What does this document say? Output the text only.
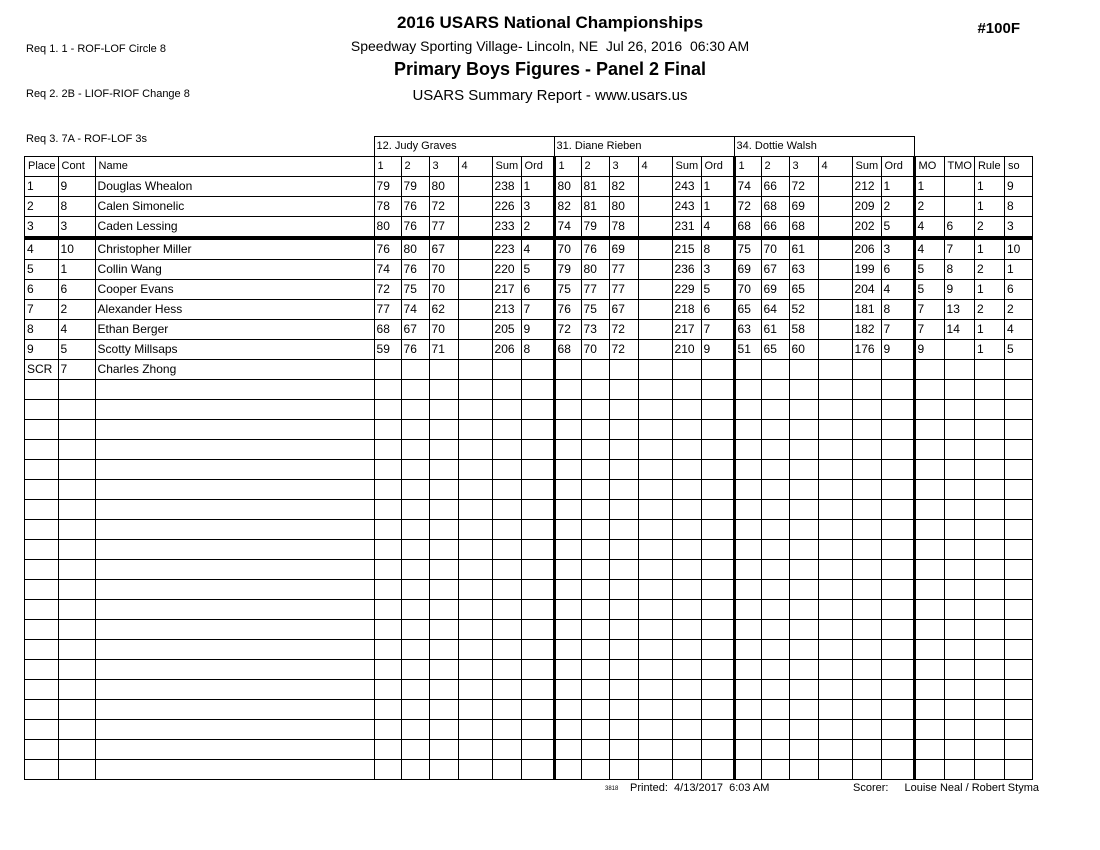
Req 1. 1 - ROF-LOF Circle 8

Req 2. 2B - LIOF-RIOF Change 8

Req 3. 7A - ROF-LOF 3s

2016 USARS National Championships
Speedway Sporting Village- Lincoln, NE  Jul 26, 2016  06:30 AM
Primary Boys Figures - Panel 2 Final
USARS Summary Report - www.usars.us
#100F
			12. Judy Graves						31. Diane Rieben						34. Dottie Walsh									
Place	Cont	Name	1	2	3	4	Sum	Ord	1	2	3	4	Sum	Ord	1	2	3	4	Sum	Ord	MO	TMO	Rule	so
1	9	Douglas Whealon	79	79	80		238	1	80	81	82		243	1	74	66	72		212	1	1		1	9
2	8	Calen Simonelic	78	76	72		226	3	82	81	80		243	1	72	68	69		209	2	2		1	8
3	3	Caden Lessing	80	76	77		233	2	74	79	78		231	4	68	66	68		202	5	4	6	2	3
4	10	Christopher Miller	76	80	67		223	4	70	76	69		215	8	75	70	61		206	3	4	7	1	10
5	1	Collin Wang	74	76	70		220	5	79	80	77		236	3	69	67	63		199	6	5	8	2	1
6	6	Cooper Evans	72	75	70		217	6	75	77	77		229	5	70	69	65		204	4	5	9	1	6
7	2	Alexander Hess	77	74	62		213	7	76	75	67		218	6	65	64	52		181	8	7	13	2	2
8	4	Ethan Berger	68	67	70		205	9	72	73	72		217	7	63	61	58		182	7	7	14	1	4
9	5	Scotty Millsaps	59	76	71		206	8	68	70	72		210	9	51	65	60		176	9	9		1	5
SCR	7	Charles Zhong																						

3818 Printed:  4/13/2017  6:03 AM	Scorer: Louise Neal / Robert Styma
